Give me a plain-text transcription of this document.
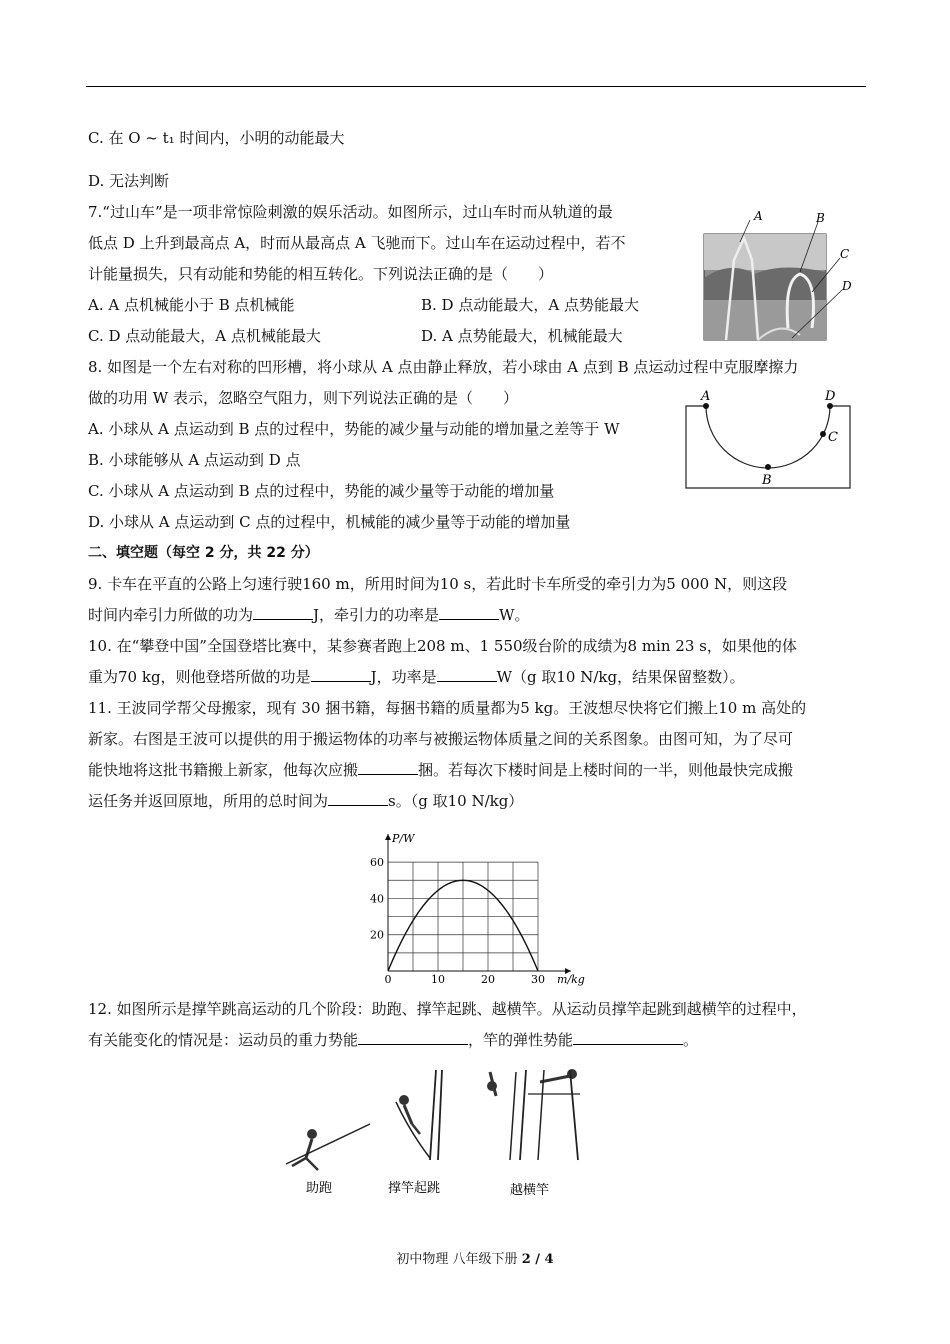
C. 在 O ~ t₁ 时间内，小明的动能最大
D. 无法判断
7.“过山车”是一项非常惊险刺激的娱乐活动。如图所示，过山车时而从轨道的最
低点 D 上升到最高点 A，时而从最高点 A 飞驰而下。过山车在运动过程中，若不
计能量损失，只有动能和势能的相互转化。下列说法正确的是（　　）
A. A 点机械能小于 B 点机械能	B. D 点动能最大，A 点势能最大
C. D 点动能最大，A 点机械能最大	D. A 点势能最大，机械能最大
A	B
C
D
8. 如图是一个左右对称的凹形槽，将小球从 A 点由静止释放，若小球由 A 点到 B 点运动过程中克服摩擦力
做的功用 W 表示，忽略空气阻力，则下列说法正确的是（　　）
A. 小球从 A 点运动到 B 点的过程中，势能的减少量与动能的增加量之差等于 W
B. 小球能够从 A 点运动到 D 点
C. 小球从 A 点运动到 B 点的过程中，势能的减少量等于动能的增加量
D. 小球从 A 点运动到 C 点的过程中，机械能的减少量等于动能的增加量
A	D
C
B
二、填空题（每空 2 分，共 22 分）
9. 卡车在平直的公路上匀速行驶160 m，所用时间为10 s，若此时卡车所受的牵引力为5 000 N，则这段
时间内牵引力所做的功为	J，牵引力的功率是	W。
10. 在“攀登中国”全国登塔比赛中，某参赛者跑上208 m、1 550级台阶的成绩为8 min 23 s，如果他的体
重为70 kg，则他登塔所做的功是	J，功率是	W（g 取10 N/kg，结果保留整数）。
11. 王波同学帮父母搬家，现有 30 捆书籍，每捆书籍的质量都为5 kg。王波想尽快将它们搬上10 m 高处的
新家。右图是王波可以提供的用于搬运物体的功率与被搬运物体质量之间的关系图象。由图可知，为了尽可
能快地将这批书籍搬上新家，他每次应搬	捆。若每次下楼时间是上楼时间的一半，则他最快完成搬
运任务并返回原地，所用的总时间为	s。（g 取10 N/kg）
0	10	20	30
20
40
60
P/W
m/kg
12. 如图所示是撑竿跳高运动的几个阶段：助跑、撑竿起跳、越横竿。从运动员撑竿起跳到越横竿的过程中，
有关能变化的情况是：运动员的重力势能	，竿的弹性势能	。
助跑	撑竿起跳	越横竿
初中物理 八年级下册 2 / 4
